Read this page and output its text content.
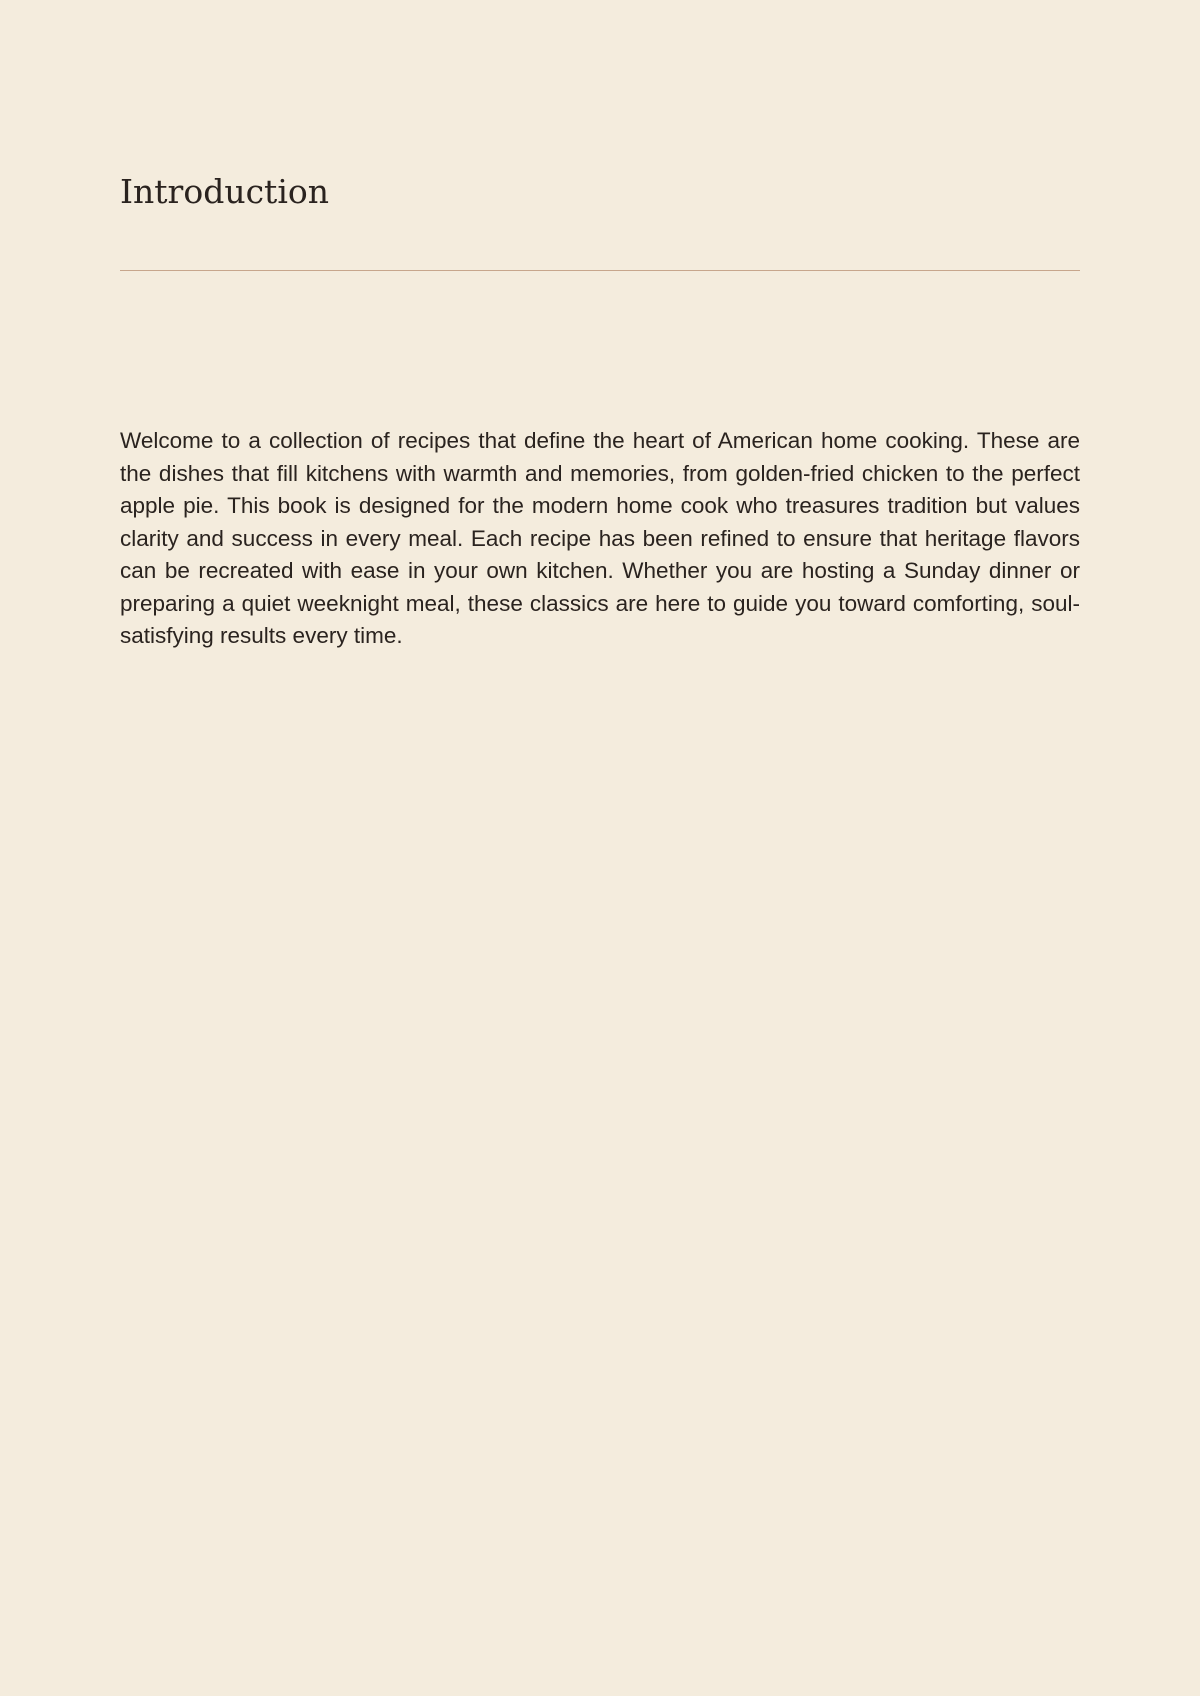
Introduction

Welcome to a collection of recipes that define the heart of American home cooking. These are the dishes that fill kitchens with warmth and memories, from golden-fried chicken to the perfect apple pie. This book is designed for the modern home cook who treasures tradition but values clarity and success in every meal. Each recipe has been refined to ensure that heritage flavors can be recreated with ease in your own kitchen. Whether you are hosting a Sunday dinner or preparing a quiet weeknight meal, these classics are here to guide you toward comforting, soul-satisfying results every time.
